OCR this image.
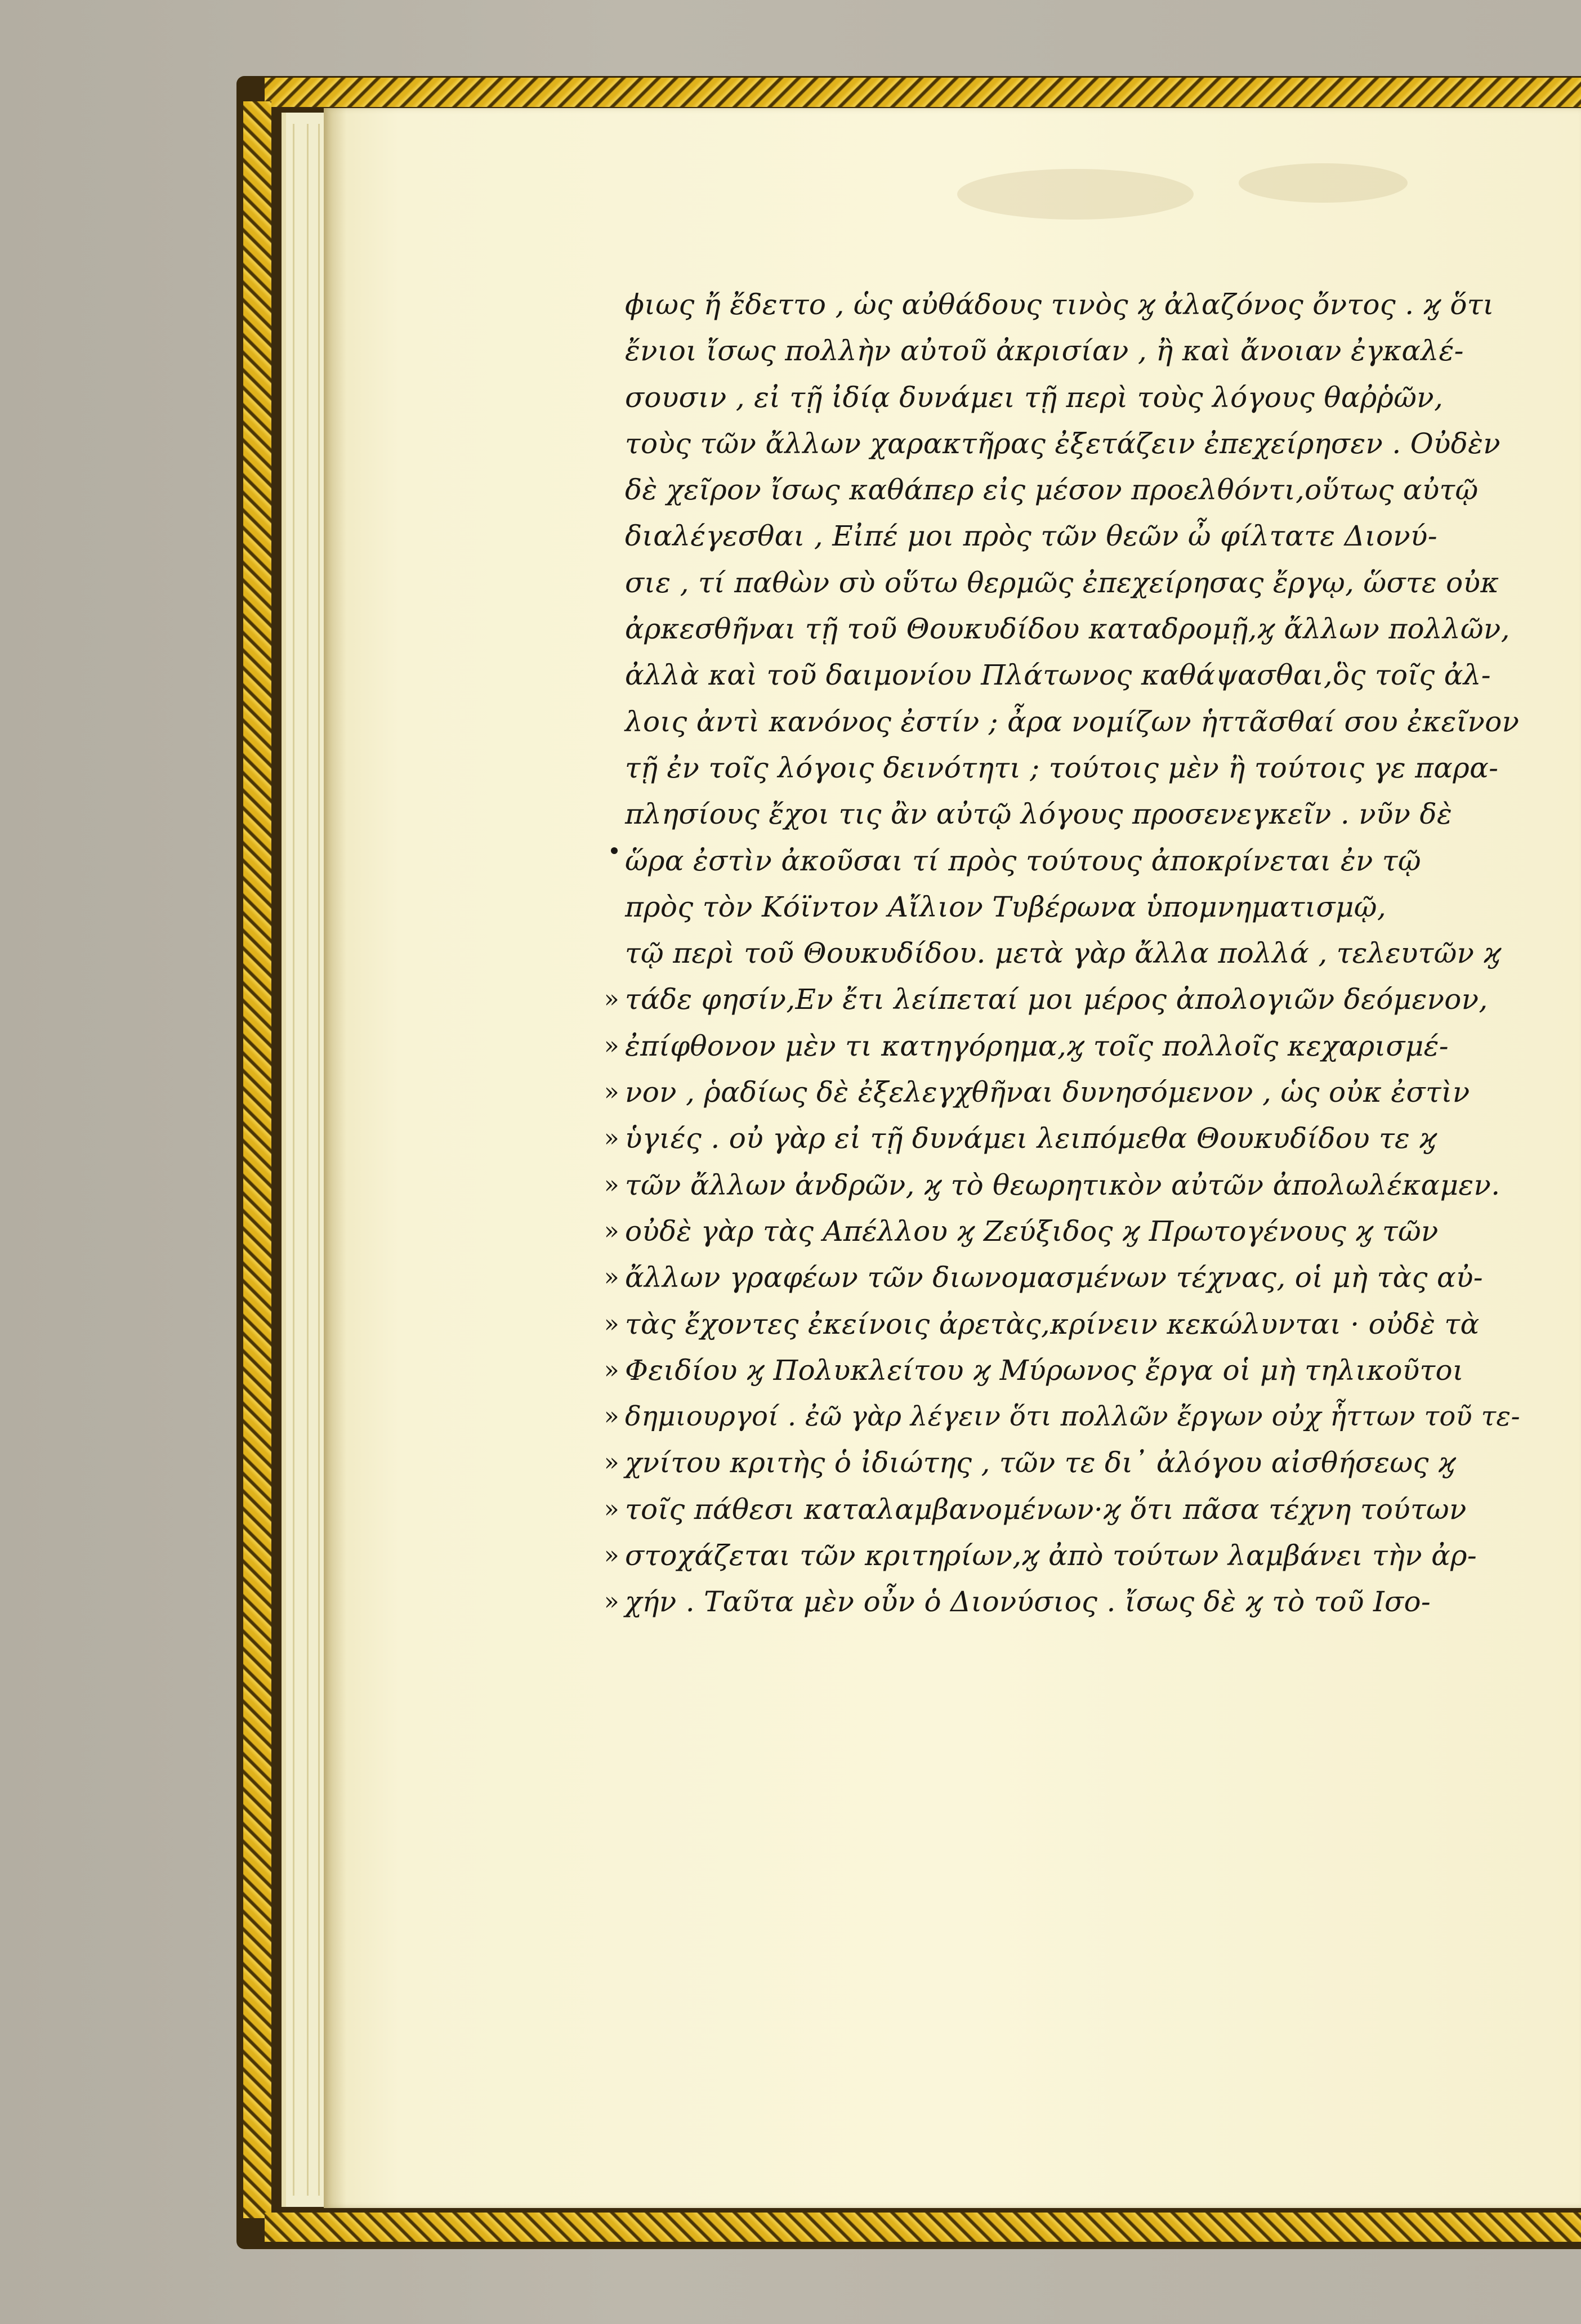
ϕιως ἤ ἔδεττο , ὡς αὐθάδους τινὸς ϗ ἀλαζόνος ὄντος . ϗ ὅτι
ἔνιοι ἴσως πολλὴν αὐτοῦ ἀκρισίαν , ἢ καὶ ἄνοιαν ἐγκαλέ-
σουσιν , εἰ τῇ ἰδίᾳ δυνάμει τῇ περὶ τοὺς λόγους θαῤῥῶν,
τοὺς τῶν ἄλλων χαρακτῆρας ἐξετάζειν ἐπεχείρησεν . Οὐδὲν
δὲ χεῖρον ἴσως καθάπερ εἰς μέσον προελθόντι,οὕτως αὐτῷ
διαλέγεσθαι , Εἰπέ μοι πρὸς τῶν θεῶν ὦ φίλτατε Διονύ-
σιε , τί παθὼν σὺ οὕτω θερμῶς ἐπεχείρησας ἔργῳ, ὥστε οὐκ
ἀρκεσθῆναι τῇ τοῦ Θουκυδίδου καταδρομῇ,ϗ ἄλλων πολλῶν,
ἀλλὰ καὶ τοῦ δαιμονίου Πλάτωνος καθάψασθαι,ὃς τοῖς ἀλ-
λοις ἀντὶ κανόνος ἐστίν ; ἆρα νομίζων ἡττᾶσθαί σου ἐκεῖνον
τῇ ἐν τοῖς λόγοις δεινότητι ; τούτοις μὲν ἢ τούτοις γε παρα-
πλησίους ἔχοι τις ἂν αὐτῷ λόγους προσενεγκεῖν . νῦν δὲ
ὥρα ἐστὶν ἀκοῦσαι τί πρὸς τούτους ἀποκρίνεται ἐν τῷ
πρὸς τὸν Κόϊντον Αἴλιον Τυβέρωνα ὑπομνηματισμῷ,
τῷ περὶ τοῦ Θουκυδίδου. μετὰ γὰρ ἄλλα πολλά , τελευτῶν ϗ
» τάδε φησίν,Εν ἔτι λείπεταί μοι μέρος ἀπολογιῶν δεόμενον,
» ἐπίφθονον μὲν τι κατηγόρημα,ϗ τοῖς πολλοῖς κεχαρισμέ-
» νον , ῥαδίως δὲ ἐξελεγχθῆναι δυνησόμενον , ὡς οὐκ ἐστὶν
» ὑγιές . οὐ γὰρ εἰ τῇ δυνάμει λειπόμεθα Θουκυδίδου τε ϗ
» τῶν ἄλλων ἀνδρῶν, ϗ τὸ θεωρητικὸν αὐτῶν ἀπολωλέκαμεν.
» οὐδὲ γὰρ τὰς Απέλλου ϗ Ζεύξιδος ϗ Πρωτογένους ϗ τῶν
» ἄλλων γραφέων τῶν διωνομασμένων τέχνας, οἱ μὴ τὰς αὐ-
» τὰς ἔχοντες ἐκείνοις ἀρετὰς,κρίνειν κεκώλυνται · οὐδὲ τὰ
» Φειδίου ϗ Πολυκλείτου ϗ Μύρωνος ἔργα οἱ μὴ τηλικοῦτοι
» δημιουργοί . ἐῶ γὰρ λέγειν ὅτι πολλῶν ἔργων οὐχ ἧττων τοῦ τε-
» χνίτου κριτὴς ὁ ἰδιώτης , τῶν τε δι᾽ ἀλόγου αἰσθήσεως ϗ
» τοῖς πάθεσι καταλαμβανομένων·ϗ ὅτι πᾶσα τέχνη τούτων
» στοχάζεται τῶν κριτηρίων,ϗ ἀπὸ τούτων λαμβάνει τὴν ἀρ-
» χήν . Ταῦτα μὲν οὖν ὁ Διονύσιος . ἴσως δὲ ϗ τὸ τοῦ Ισο-
